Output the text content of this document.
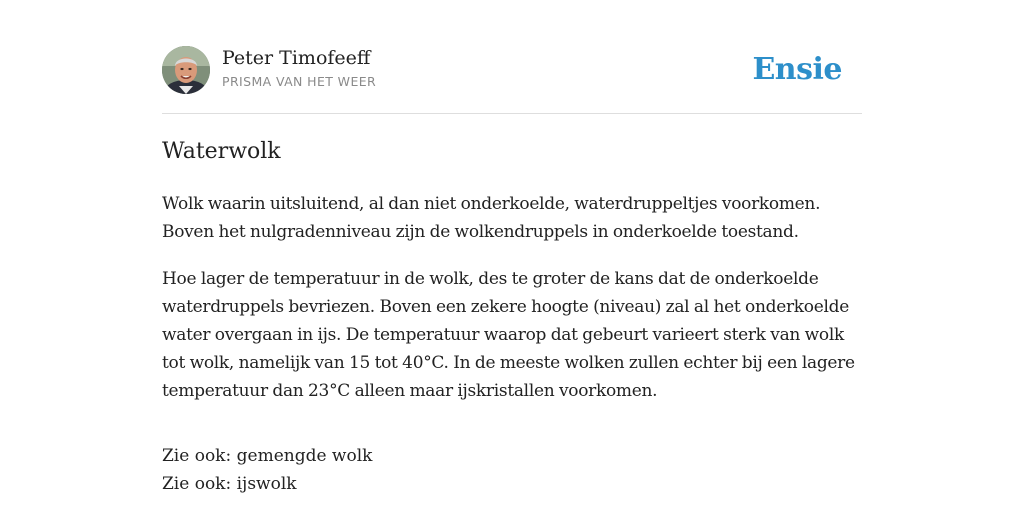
Peter Timofeeff
PRISMA VAN HET WEER	Ensie
Waterwolk

Wolk waarin uitsluitend, al dan niet onderkoelde, waterdruppeltjes voorkomen. Boven het nulgradenniveau zijn de wolkendruppels in onderkoelde toestand.

Hoe lager de temperatuur in de wolk, des te groter de kans dat de onderkoelde waterdruppels bevriezen. Boven een zekere hoogte (niveau) zal al het onderkoelde water overgaan in ijs. De temperatuur waarop dat gebeurt varieert sterk van wolk tot wolk, namelijk van 15 tot 40°C. In de meeste wolken zullen echter bij een lagere temperatuur dan 23°C alleen maar ijskristallen voorkomen.

Zie ook: gemengde wolk
Zie ook: ijswolk
